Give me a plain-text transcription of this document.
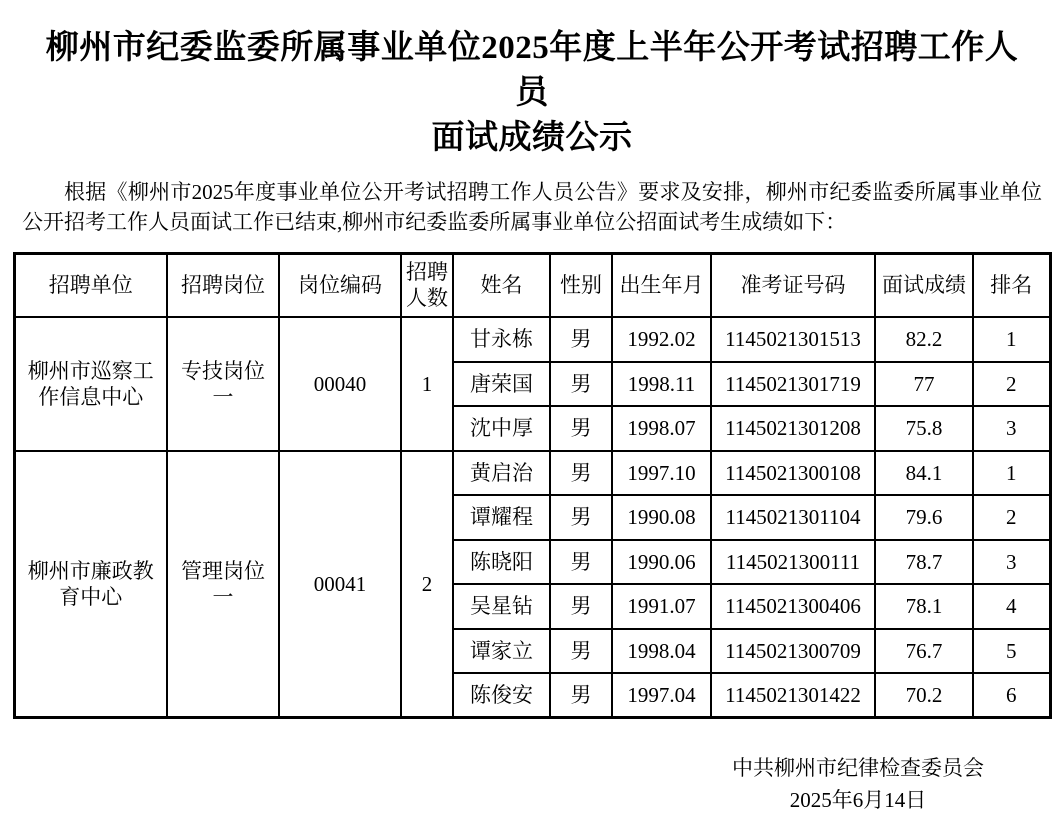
柳州市纪委监委所属事业单位2025年度上半年公开考试招聘工作人员
面试成绩公示

根据《柳州市2025年度事业单位公开考试招聘工作人员公告》要求及安排，柳州市纪委监委所属事业单位公开招考工作人员面试工作已结束,柳州市纪委监委所属事业单位公招面试考生成绩如下：

招聘单位	招聘岗位	岗位编码	招聘人数	姓名	性别	出生年月	准考证号码	面试成绩	排名
柳州市巡察工作信息中心	专技岗位一	00040	1	甘永栋	男	1992.02	1145021301513	82.2	1
				唐荣国	男	1998.11	1145021301719	77	2
				沈中厚	男	1998.07	1145021301208	75.8	3
柳州市廉政教育中心	管理岗位一	00041	2	黄启治	男	1997.10	1145021300108	84.1	1
				谭耀程	男	1990.08	1145021301104	79.6	2
				陈晓阳	男	1990.06	1145021300111	78.7	3
				吴星钻	男	1991.07	1145021300406	78.1	4
				谭家立	男	1998.04	1145021300709	76.7	5
				陈俊安	男	1997.04	1145021301422	70.2	6
中共柳州市纪律检查委员会
2025年6月14日
